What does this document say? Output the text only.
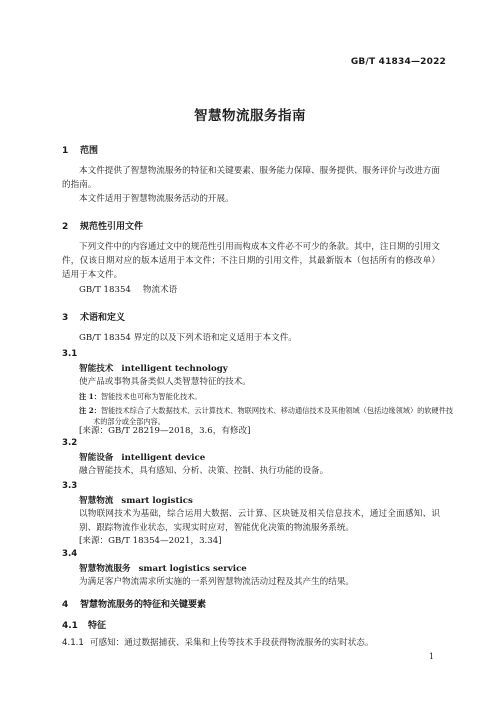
GB/T 41834—2022
智慧物流服务指南
1 范围

本文件提供了智慧物流服务的特征和关键要素、服务能力保障、服务提供、服务评价与改进方面的指南。

本文件适用于智慧物流服务活动的开展。

2 规范性引用文件

下列文件中的内容通过文中的规范性引用而构成本文件必不可少的条款。其中，注日期的引用文件，仅该日期对应的版本适用于本文件；不注日期的引用文件，其最新版本（包括所有的修改单）适用于本文件。

GB/T 18354 物流术语

3 术语和定义

GB/T 18354 界定的以及下列术语和定义适用于本文件。

3.1
智能技术 intelligent technology

使产品或事物具备类似人类智慧特征的技术。

注 1：智能技术也可称为智能化技术。

注 2：智能技术综合了大数据技术、云计算技术、物联网技术、移动通信技术及其他领域（包括边缘领域）的软硬件技术的部分或全部内容。

[来源：GB/T 28219—2018，3.6，有修改]
3.2
智能设备 intelligent device

融合智能技术，具有感知、分析、决策、控制、执行功能的设备。

3.3
智慧物流 smart logistics

以物联网技术为基础，综合运用大数据、云计算、区块链及相关信息技术，通过全面感知、识别、跟踪物流作业状态，实现实时应对，智能优化决策的物流服务系统。

[来源：GB/T 18354—2021，3.34]
3.4
智慧物流服务 smart logistics service

为满足客户物流需求所实施的一系列智慧物流活动过程及其产生的结果。

4 智慧物流服务的特征和关键要素
4.1 特征

4.1.1 可感知：通过数据捕获、采集和上传等技术手段获得物流服务的实时状态。

1
